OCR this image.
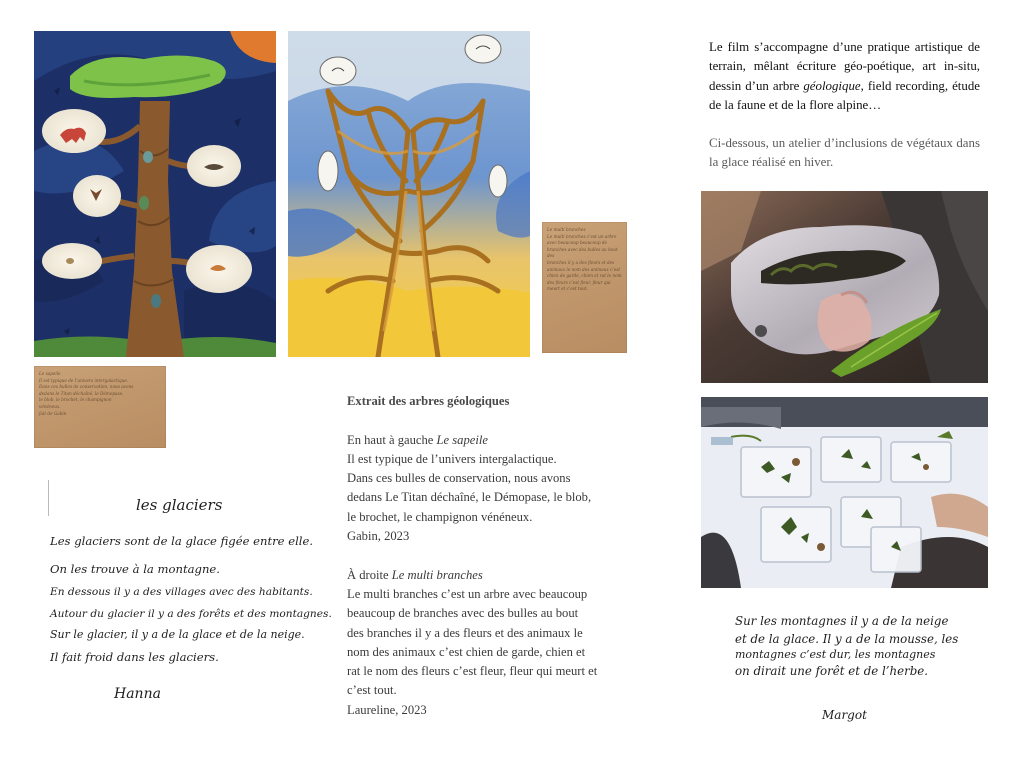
Le multi branches
Le multi branches c’est un arbre
avec beaucoup beaucoup de
branches avec des bulles au bout des
branches il y a des fleurs et des
animaux le nom des animaux c’est
chien de garde, chien et rat le nom
des fleurs c’est fleur, fleur qui
meurt et c’est tout.
Le sapeile
Il est typique de l’univers intergalactique.
Dans ces bulles de conservation, nous avons
dedans le Titan déchaîné, le Démopase,
le blob, le brochet, le champignon
vénéneux.
fait de Gabin
les glaciers
Les glaciers sont de la glace figée entre elle.
On les trouve à la montagne.
En dessous il y a des villages avec des habitants.
Autour du glacier il y a des forêts et des montagnes.
Sur le glacier, il y a de la glace et de la neige.
Il fait froid dans les glaciers.
Hanna

Extrait des arbres géologiques

En haut à gauche Le sapeile

Il est typique de l’univers intergalactique.

Dans ces bulles de conservation, nous avons

dedans Le Titan déchaîné, le Démopase, le blob,

le brochet, le champignon vénéneux.

Gabin, 2023

À droite Le multi branches

Le multi branches c’est un arbre avec beaucoup

beaucoup de branches avec des bulles au bout

des branches il y a des fleurs et des animaux le

nom des animaux c’est chien de garde, chien et

rat le nom des fleurs c’est fleur, fleur qui meurt et

c’est tout.

Laureline, 2023

Le film s’accompagne d’une pratique artistique de terrain, mêlant écriture géo-poétique, art in-situ, dessin d’un arbre géologique, field recording, étude de la faune et de la flore alpine…

Ci-dessous, un atelier d’inclusions de végétaux dans la glace réalisé en hiver.

Sur les montagnes il y a de la neige
et de la glace. Il y a de la mousse, les
montagnes c’est dur, les montagnes
on dirait une forêt et de l’herbe.
Margot
